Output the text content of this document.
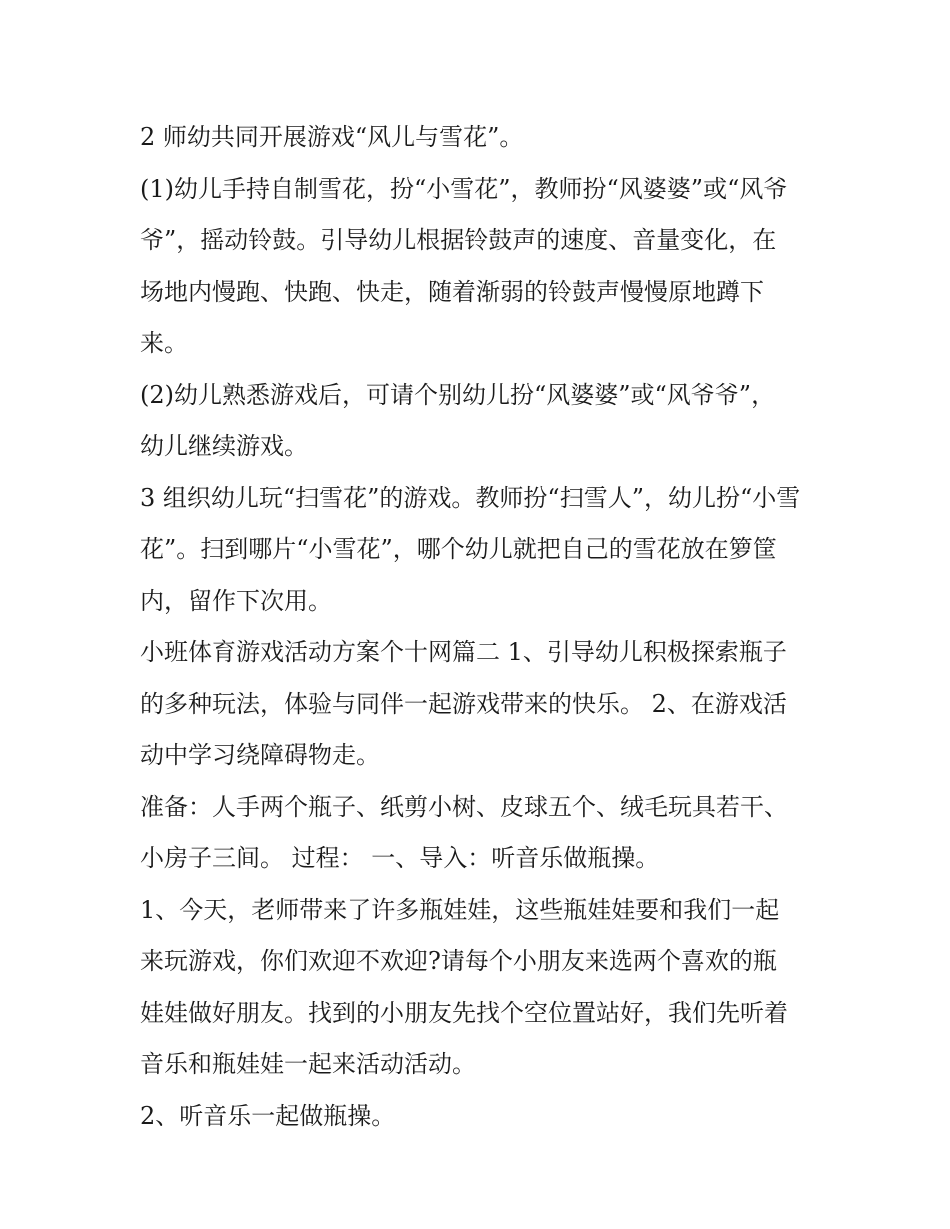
2 师幼共同开展游戏“风儿与雪花”。

(1)幼儿手持自制雪花，扮“小雪花”，教师扮“风婆婆”或“风爷
爷”，摇动铃鼓。引导幼儿根据铃鼓声的速度、音量变化，在
场地内慢跑、快跑、快走，随着渐弱的铃鼓声慢慢原地蹲下
来。

(2)幼儿熟悉游戏后，可请个别幼儿扮“风婆婆”或“风爷爷”，
幼儿继续游戏。

3 组织幼儿玩“扫雪花”的游戏。教师扮“扫雪人”，幼儿扮“小雪
花”。扫到哪片“小雪花”，哪个幼儿就把自己的雪花放在箩筐
内，留作下次用。

小班体育游戏活动方案个十网篇二 1、引导幼儿积极探索瓶子
的多种玩法，体验与同伴一起游戏带来的快乐。 2、在游戏活
动中学习绕障碍物走。

准备：人手两个瓶子、纸剪小树、皮球五个、绒毛玩具若干、
小房子三间。 过程： 一、导入：听音乐做瓶操。

1、今天，老师带来了许多瓶娃娃，这些瓶娃娃要和我们一起
来玩游戏，你们欢迎不欢迎?请每个小朋友来选两个喜欢的瓶
娃娃做好朋友。找到的小朋友先找个空位置站好，我们先听着
音乐和瓶娃娃一起来活动活动。

2、听音乐一起做瓶操。
